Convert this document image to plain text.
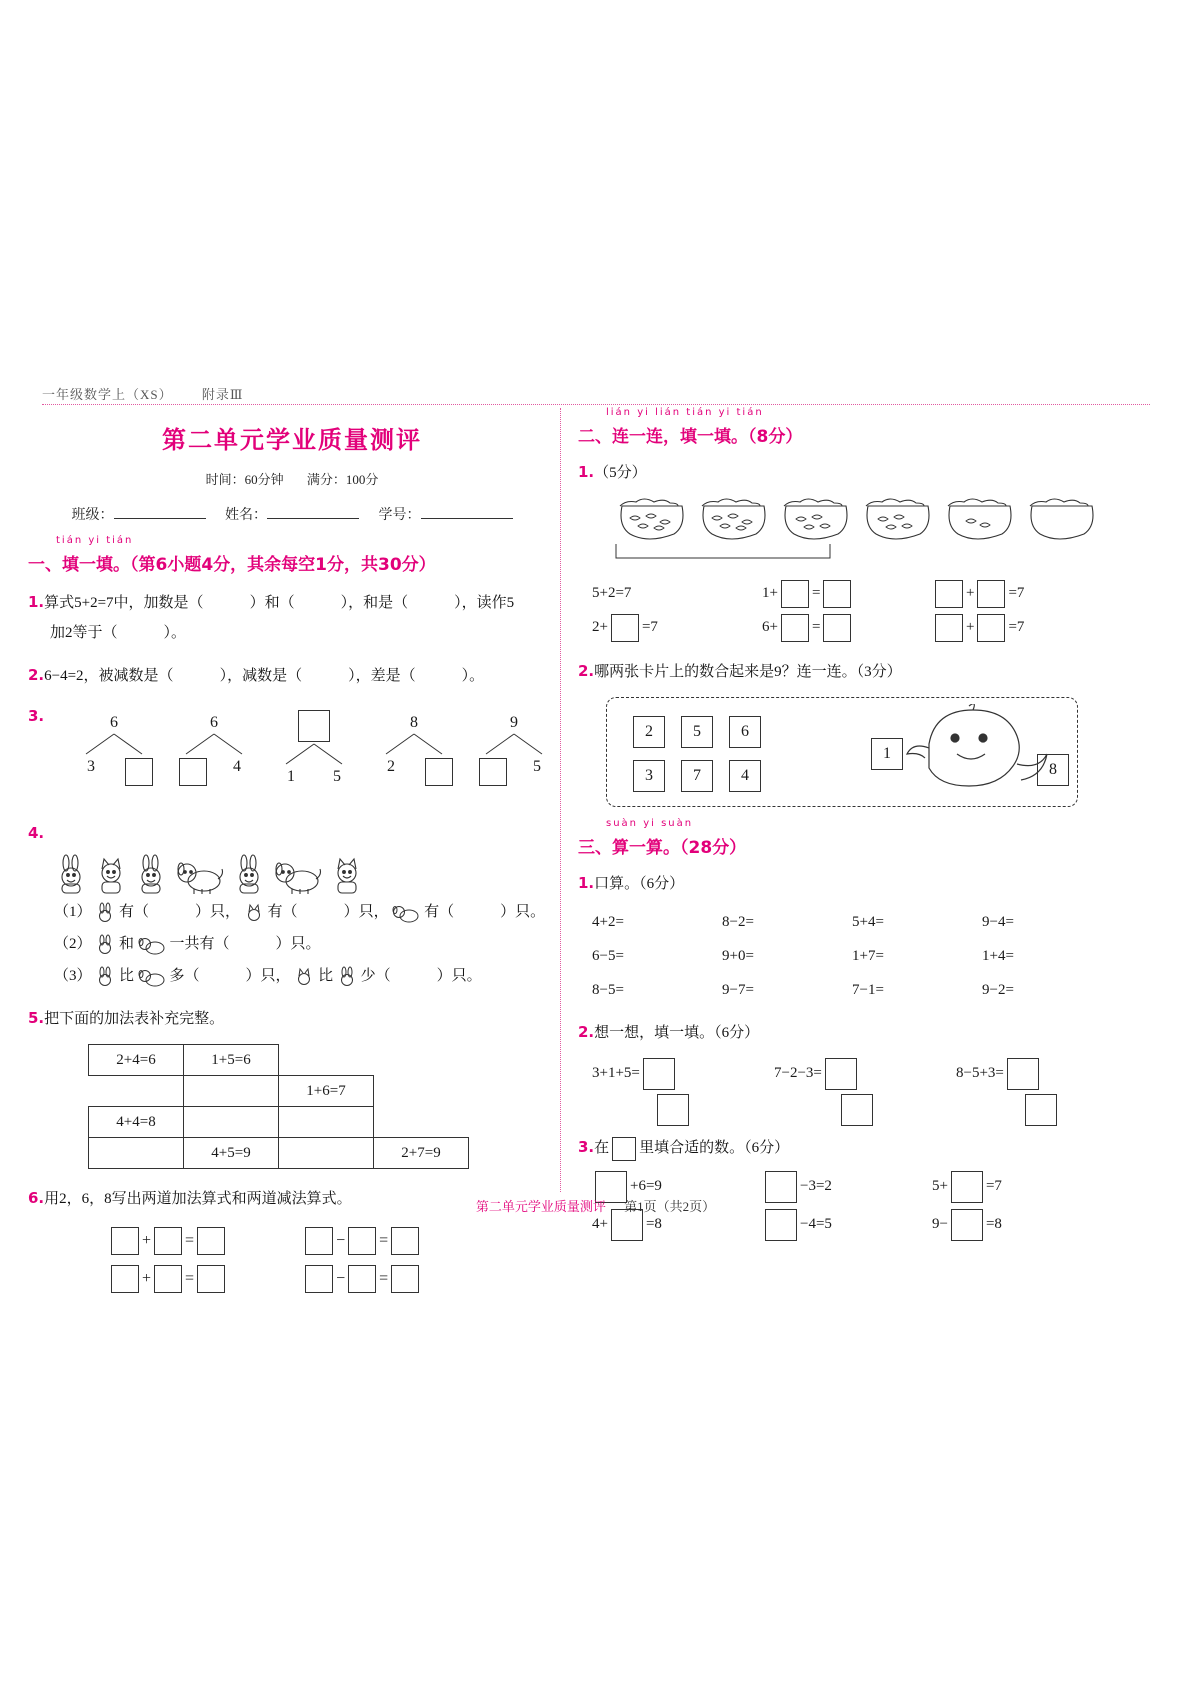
一年级数学上（XS） 附录Ⅲ
第二单元学业质量测评
时间：60分钟 满分：100分
班级：	姓名：	学号：
tián yi tián
一、填一填。（第6小题4分，其余每空1分，共30分）
1.算式5+2=7中，加数是（	）和（	），和是（	），读作5
加2等于（	）。
2.6−4=2，被减数是（	），减数是（	），差是（	）。
3.	6
3
6
4
1	5
8
2
9
5
4.
（1） 有（	）只， 有（	）只， 有（	）只。
（2） 和 一共有（	）只。
（3） 比 多（	）只， 比 少（	）只。
5.把下面的加法表补充完整。
2+4=6	1+5=6		
		1+6=7	
4+4=8			
	4+5=9		2+7=9
6.用2，6，8写出两道加法算式和两道减法算式。
+ =	− =
+ =	− =
lián yi lián tián yi tián
二、连一连，填一填。（8分）
1.（5分）
5+2=7	1+ =	+ =7
2+ =7	6+ =	+ =7
2.哪两张卡片上的数合起来是9？连一连。（3分）
2	5	6
3	7	4
1
8
suàn yi suàn
三、算一算。（28分）
1.口算。（6分）
4+2=	8−2=	5+4=	9−4=
6−5=	9+0=	1+7=	1+4=
8−5=	9−7=	7−1=	9−2=
2.想一想，填一填。（6分）
3+1+5=	7−2−3=	8−5+3=
3.在 里填合适的数。（6分）
+6=9	−3=2	5+	=7
4+	=8	−4=5	9−	=8
第二单元学业质量测评 第1页（共2页）
